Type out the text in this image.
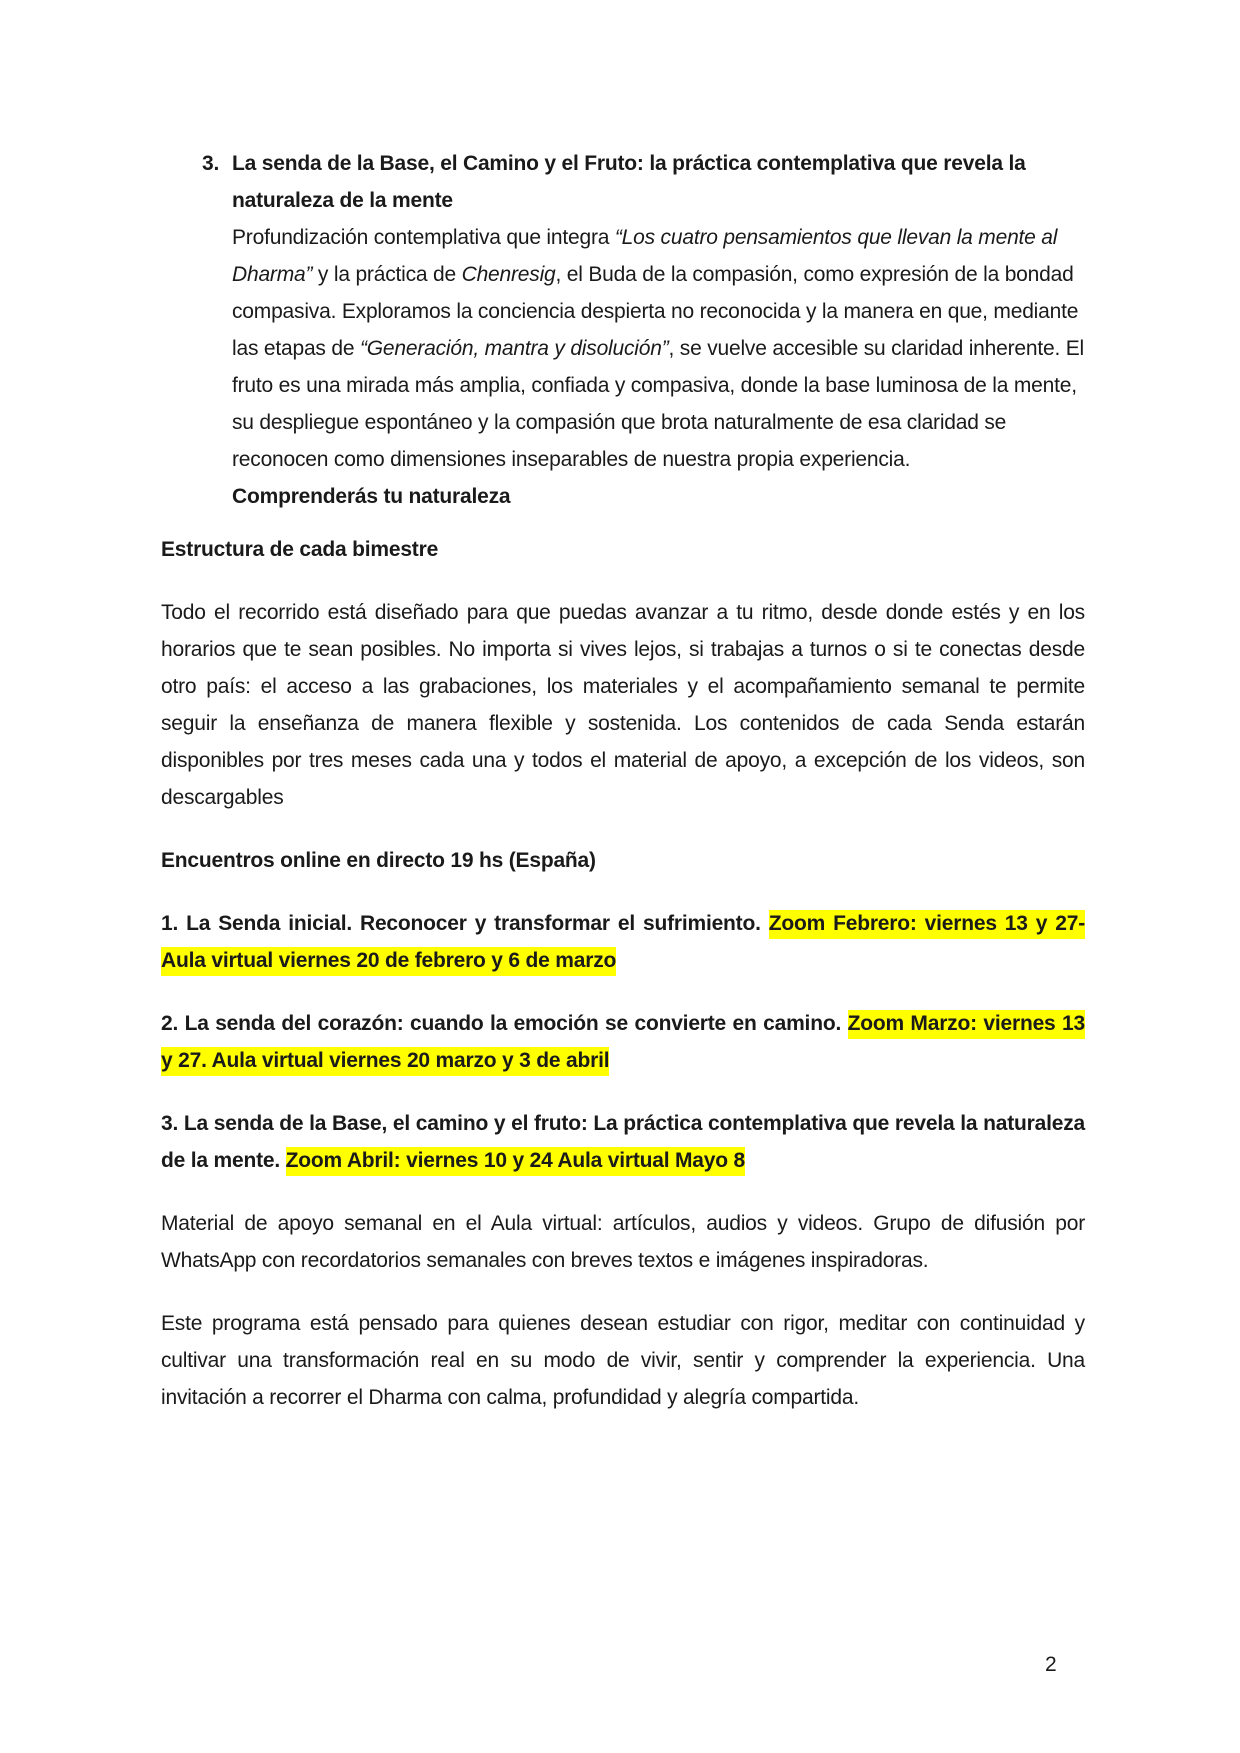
3. La senda de la Base, el Camino y el Fruto: la práctica contemplativa que revela la naturaleza de la mente

Profundización contemplativa que integra “Los cuatro pensamientos que llevan la mente al Dharma” y la práctica de Chenresig, el Buda de la compasión, como expresión de la bondad compasiva. Exploramos la conciencia despierta no reconocida y la manera en que, mediante las etapas de “Generación, mantra y disolución”, se vuelve accesible su claridad inherente. El fruto es una mirada más amplia, confiada y compasiva, donde la base luminosa de la mente, su despliegue espontáneo y la compasión que brota naturalmente de esa claridad se reconocen como dimensiones inseparables de nuestra propia experiencia.

Comprenderás tu naturaleza

Estructura de cada bimestre

Todo el recorrido está diseñado para que puedas avanzar a tu ritmo, desde donde estés y en los horarios que te sean posibles. No importa si vives lejos, si trabajas a turnos o si te conectas desde otro país: el acceso a las grabaciones, los materiales y el acompañamiento semanal te permite seguir la enseñanza de manera flexible y sostenida. Los contenidos de cada Senda estarán disponibles por tres meses cada una y todos el material de apoyo, a excepción de los videos, son descargables

Encuentros online en directo 19 hs (España)

1. La Senda inicial. Reconocer y transformar el sufrimiento. Zoom Febrero: viernes 13 y 27- Aula virtual viernes 20 de febrero y 6 de marzo

2. La senda del corazón: cuando la emoción se convierte en camino. Zoom Marzo: viernes 13 y 27. Aula virtual viernes 20 marzo y 3 de abril

3. La senda de la Base, el camino y el fruto: La práctica contemplativa que revela la naturaleza de la mente. Zoom Abril: viernes 10 y 24 Aula virtual Mayo 8

Material de apoyo semanal en el Aula virtual: artículos, audios y videos. Grupo de difusión por WhatsApp con recordatorios semanales con breves textos e imágenes inspiradoras.

Este programa está pensado para quienes desean estudiar con rigor, meditar con continuidad y cultivar una transformación real en su modo de vivir, sentir y comprender la experiencia. Una invitación a recorrer el Dharma con calma, profundidad y alegría compartida.

2
